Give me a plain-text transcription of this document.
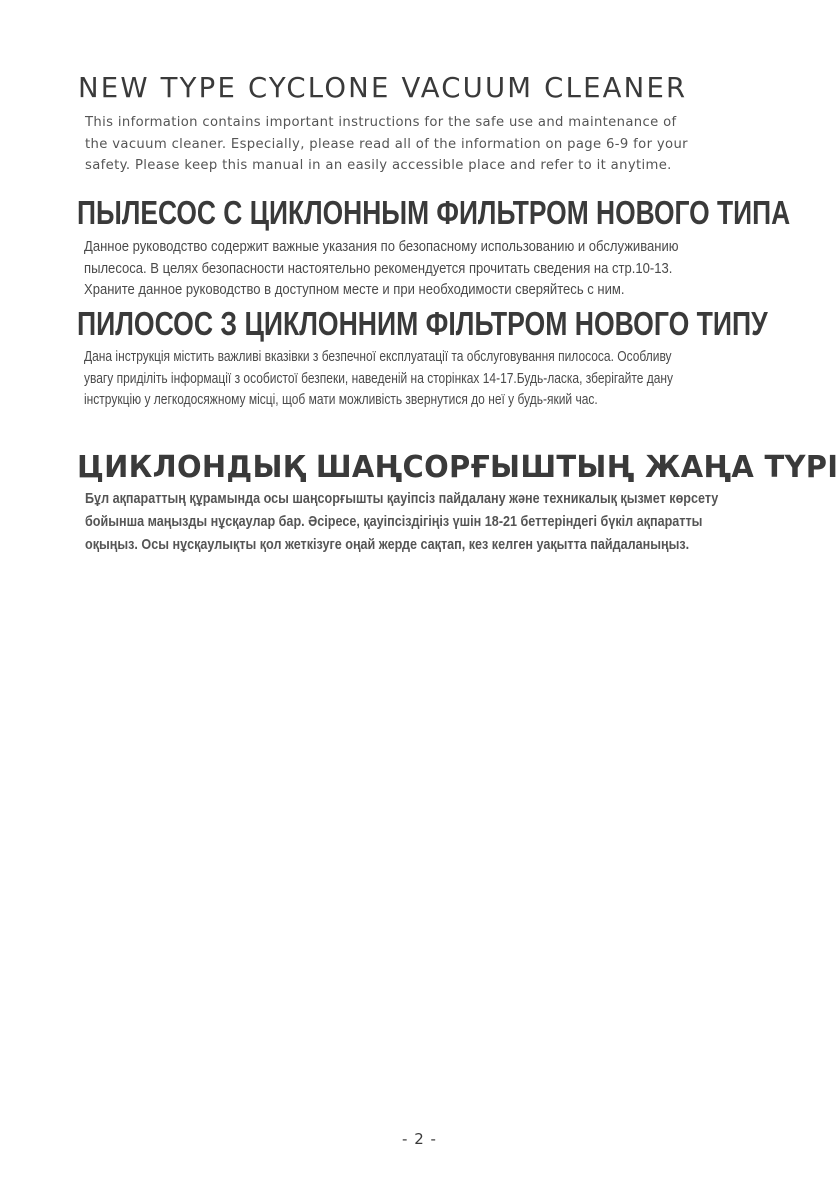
NEW TYPE CYCLONE VACUUM CLEANER

This information contains important instructions for the safe use and maintenance of
the vacuum cleaner. Especially, please read all of the information on page 6-9 for your
safety. Please keep this manual in an easily accessible place and refer to it anytime.

ПЫЛЕСОС С ЦИКЛОННЫМ ФИЛЬТРОМ НОВОГО ТИПА

Данное руководство содержит важные указания по безопасному использованию и обслуживанию
пылесоса. В целях безопасности настоятельно рекомендуется прочитать сведения на стр.10-13.
Храните данное руководство в доступном месте и при необходимости сверяйтесь с ним.

ПИЛОСОС З ЦИКЛОННИМ ФІЛЬТРОМ НОВОГО ТИПУ

Дана інструкція містить важливі вказівки з безпечної експлуатації та обслуговування пилососа. Особливу
увагу приділіть інформації з особистої безпеки, наведеній на сторінках 14-17.Будь-ласка, зберігайте дану
інструкцію у легкодосяжному місці, щоб мати можливість звернутися до неї у будь-який час.

ЦИКЛОНДЫҚ ШАҢСОРҒЫШТЫҢ ЖАҢА ТҮРІ

Бұл ақпараттың құрамында осы шаңсорғышты қауіпсіз пайдалану және техникалық қызмет көрсету
бойынша маңызды нұсқаулар бар. Әсіресе, қауіпсіздігіңіз үшін 18-21 беттеріндегі бүкіл ақпаратты
оқыңыз. Осы нұсқаулықты қол жеткізуге оңай жерде сақтап, кез келген уақытта пайдаланыңыз.

- 2 -
